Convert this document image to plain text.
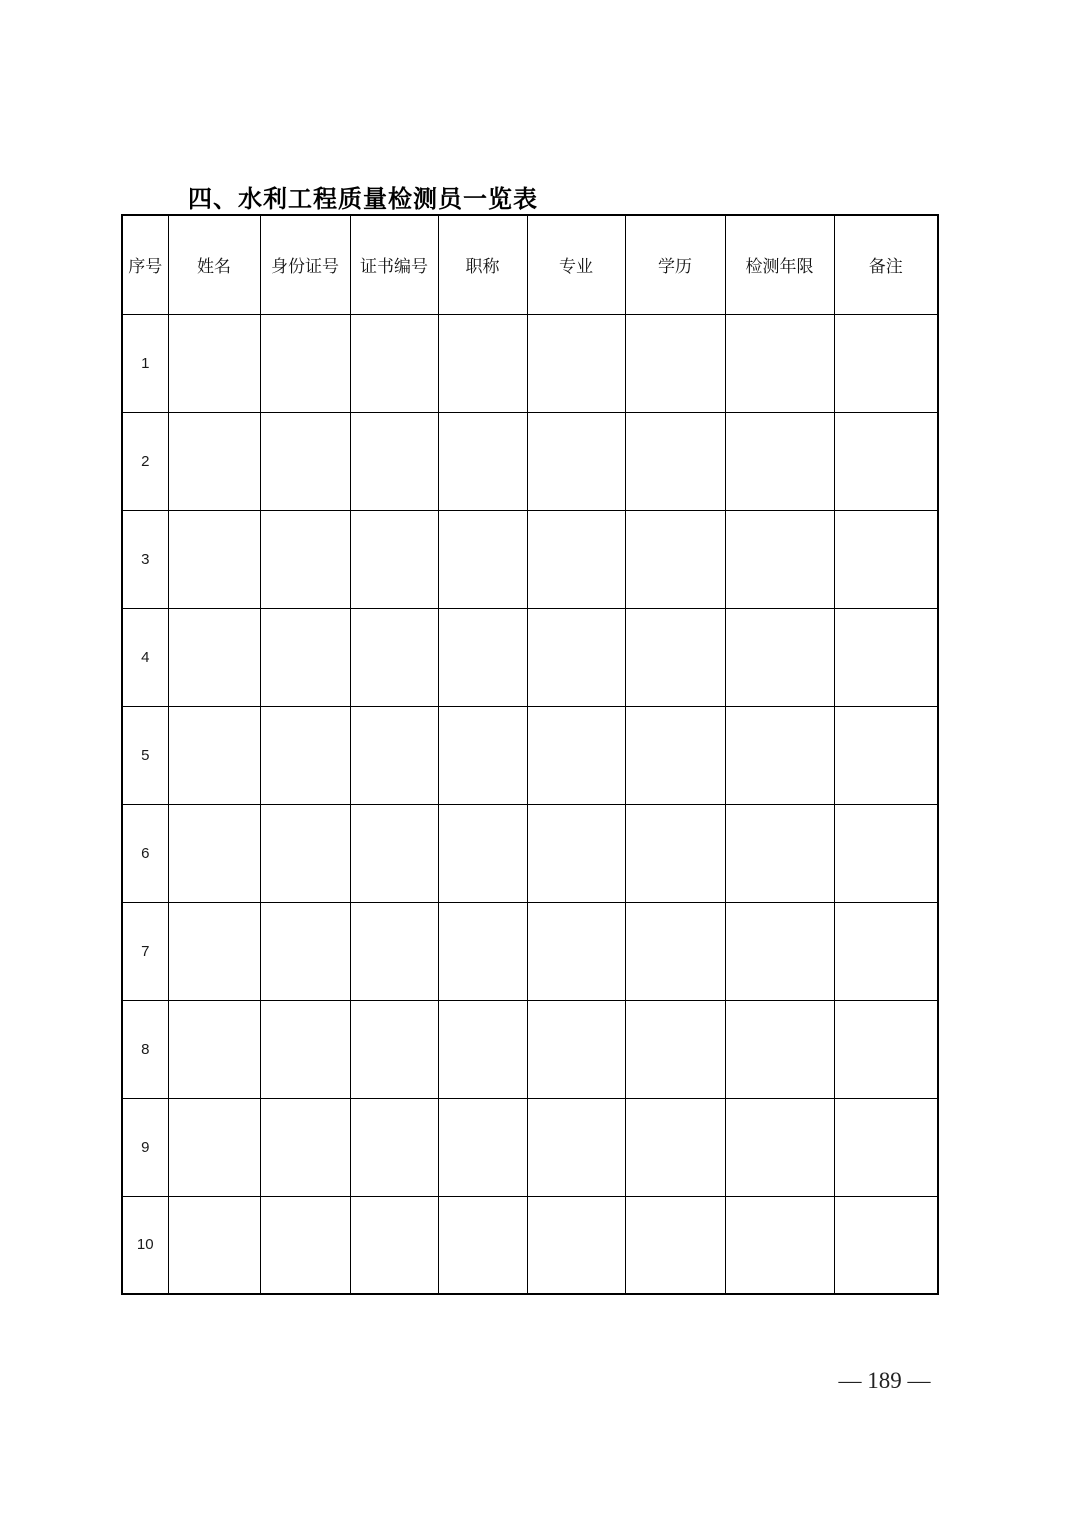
四、水利工程质量检测员一览表
序号	姓名	身份证号	证书编号	职称	专业	学历	检测年限	备注
1								
2								
3								
4								
5								
6								
7								
8								
9								
10								
— 189 —
